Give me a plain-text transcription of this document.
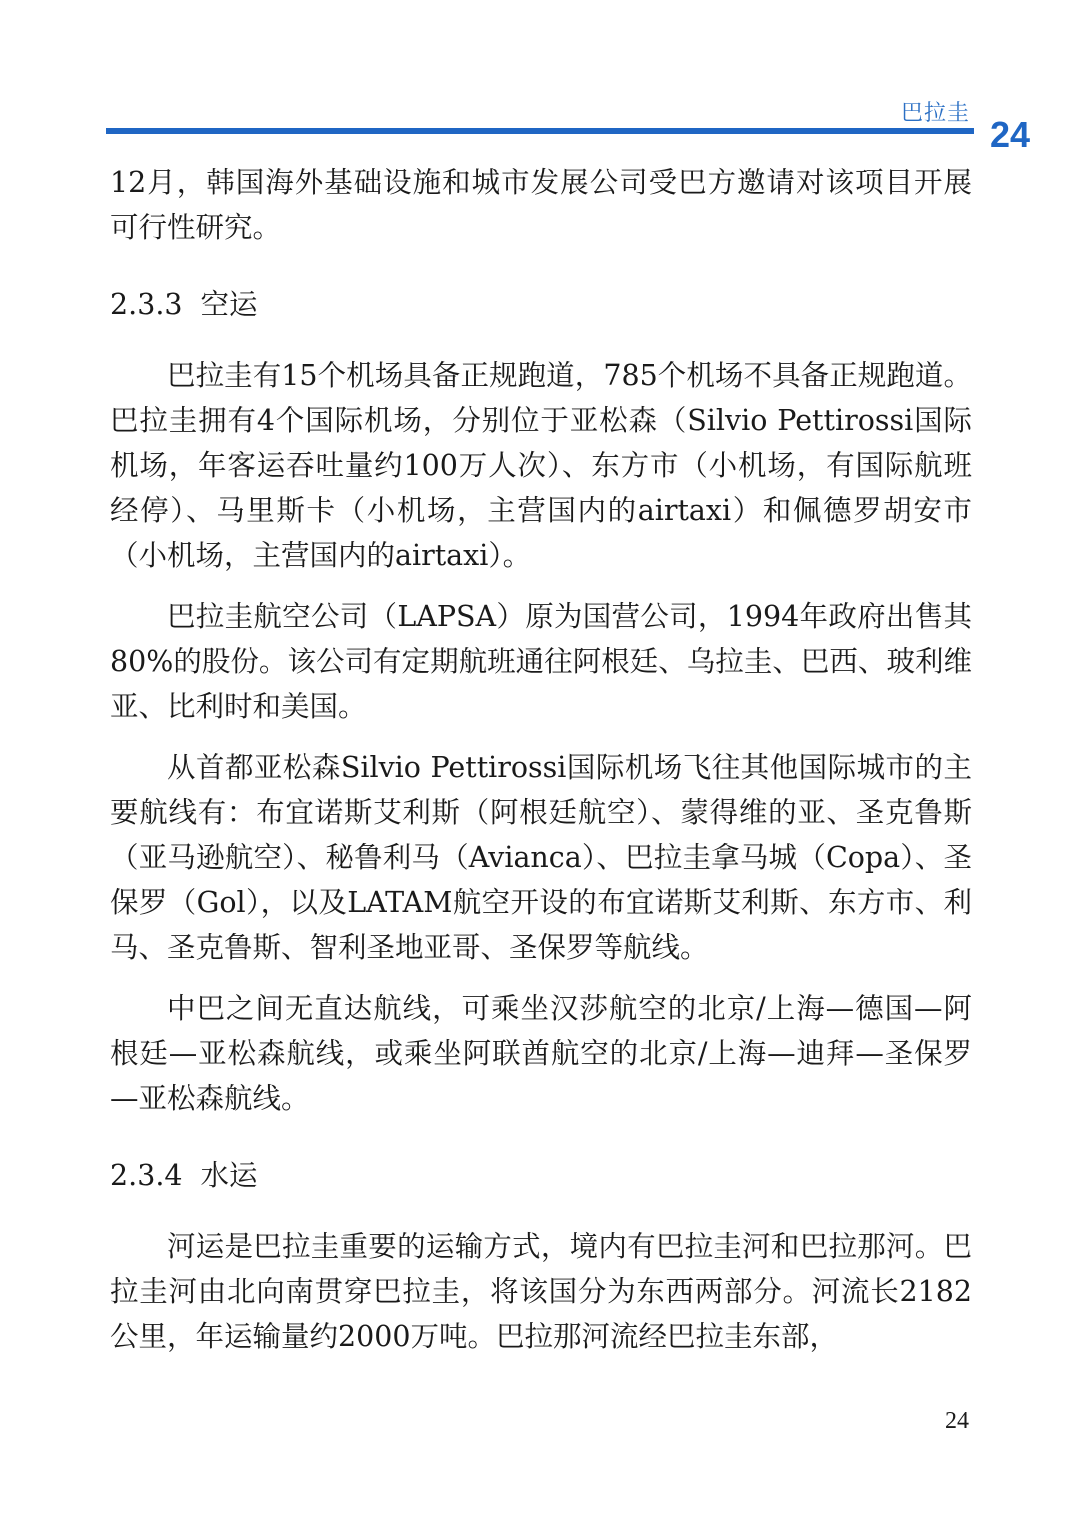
巴拉圭
24

12月，韩国海外基础设施和城市发展公司受巴方邀请对该项目开展可行性研究。

2.3.3 空运

巴拉圭有15个机场具备正规跑道，785个机场不具备正规跑道。巴拉圭拥有4个国际机场，分别位于亚松森（Silvio Pettirossi国际机场，年客运吞吐量约100万人次）、东方市（小机场，有国际航班经停）、马里斯卡（小机场，主营国内的airtaxi）和佩德罗胡安市（小机场，主营国内的airtaxi）。

巴拉圭航空公司（LAPSA）原为国营公司，1994年政府出售其80%的股份。该公司有定期航班通往阿根廷、乌拉圭、巴西、玻利维亚、比利时和美国。

从首都亚松森Silvio Pettirossi国际机场飞往其他国际城市的主要航线有：布宜诺斯艾利斯（阿根廷航空）、蒙得维的亚、圣克鲁斯（亚马逊航空）、秘鲁利马（Avianca）、巴拉圭拿马城（Copa）、圣保罗（Gol），以及LATAM航空开设的布宜诺斯艾利斯、东方市、利马、圣克鲁斯、智利圣地亚哥、圣保罗等航线。

中巴之间无直达航线，可乘坐汉莎航空的北京/上海—德国—阿根廷—亚松森航线，或乘坐阿联酋航空的北京/上海—迪拜—圣保罗—亚松森航线。

2.3.4 水运

河运是巴拉圭重要的运输方式，境内有巴拉圭河和巴拉那河。巴拉圭河由北向南贯穿巴拉圭，将该国分为东西两部分。河流长2182公里，年运输量约2000万吨。巴拉那河流经巴拉圭东部，

24
